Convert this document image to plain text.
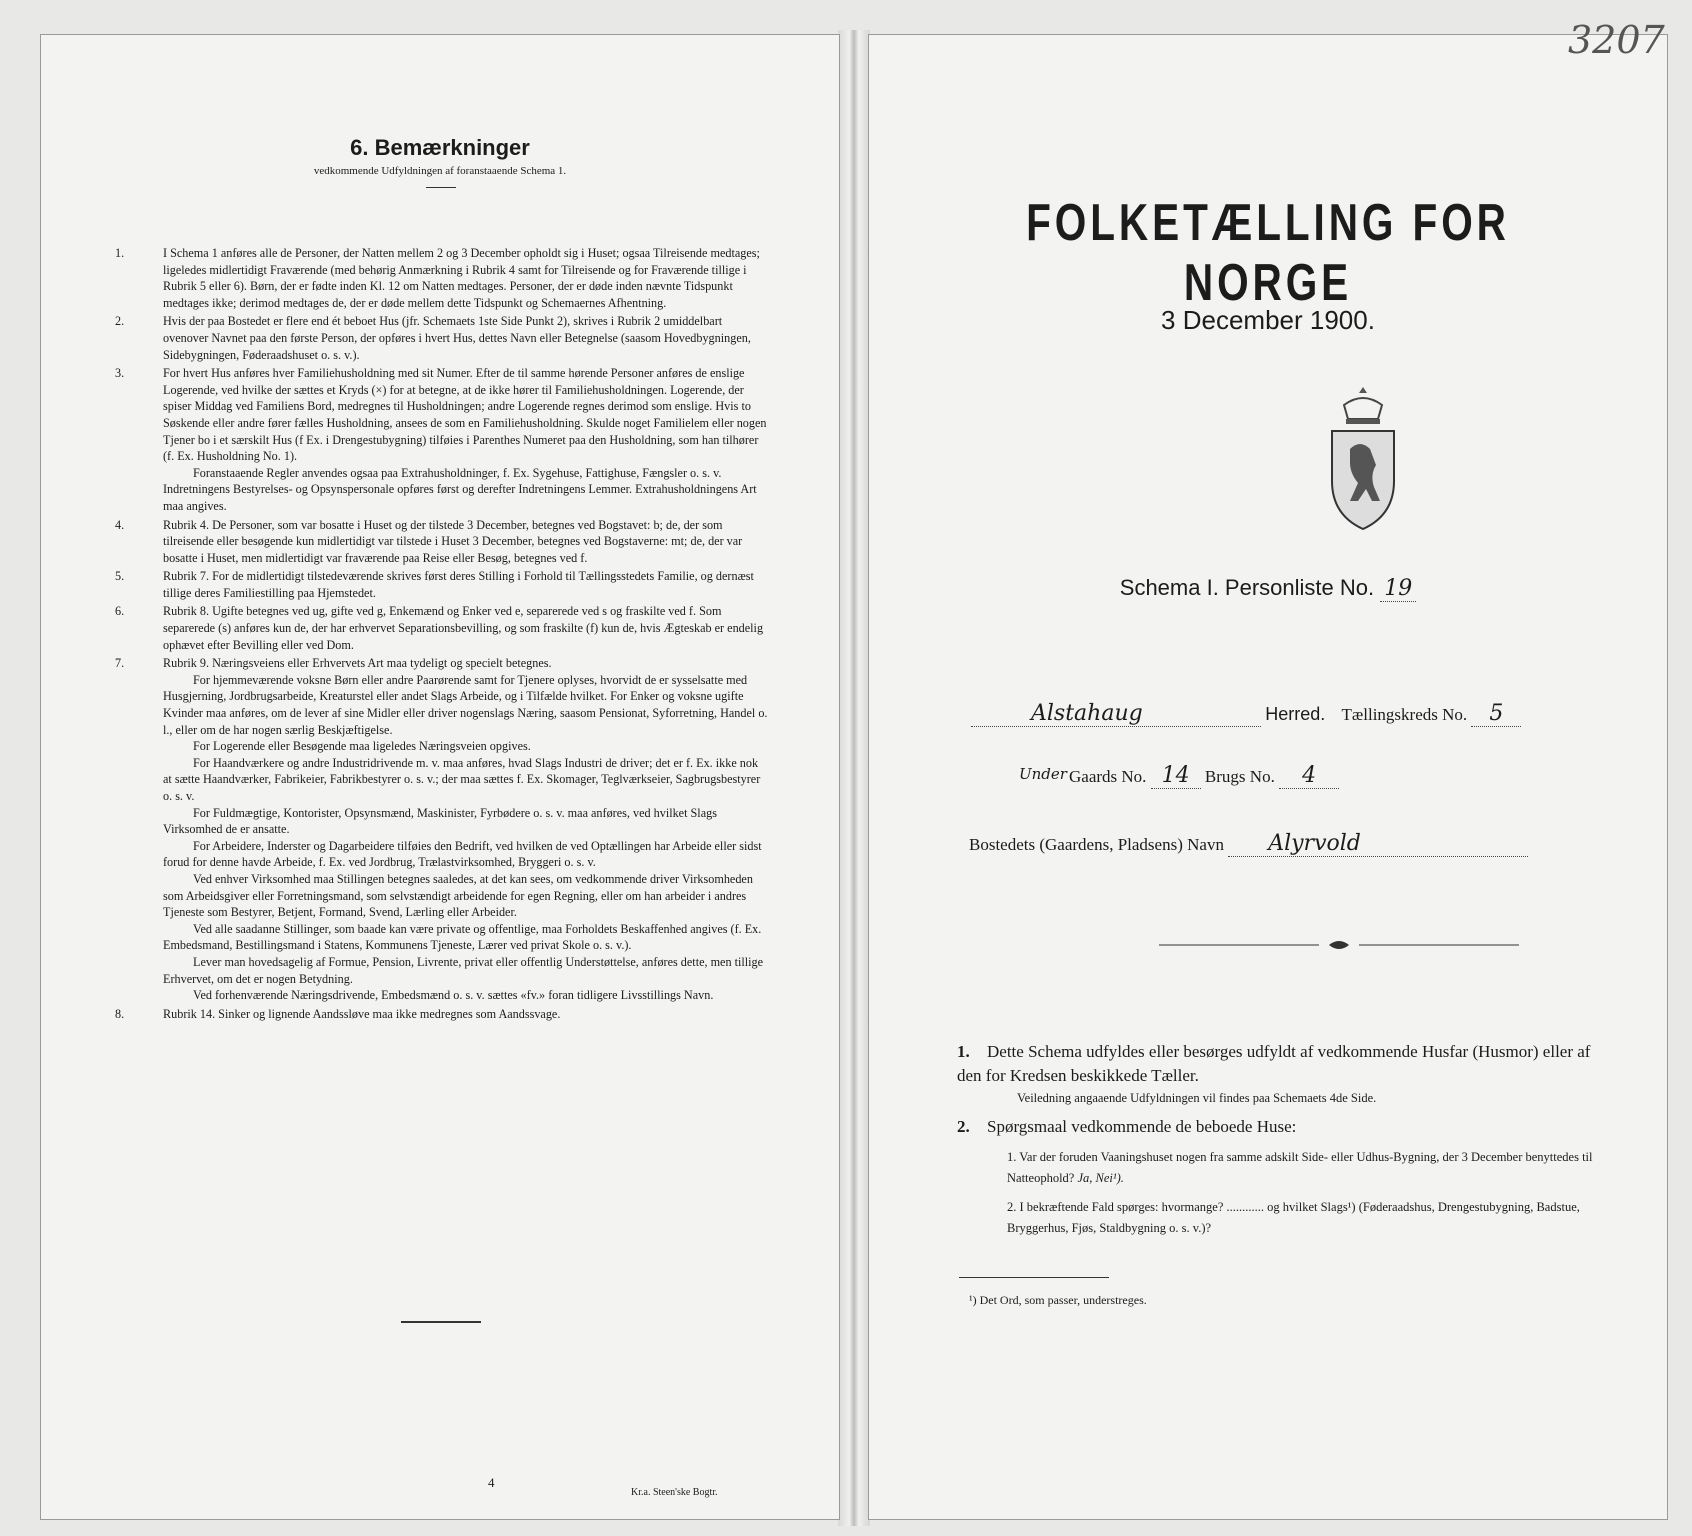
6. Bemærkninger
vedkommende Udfyldningen af foranstaaende Schema 1.
1.	I Schema 1 anføres alle de Personer, der Natten mellem 2 og 3 December opholdt sig i Huset; ogsaa Tilreisende medtages; ligeledes midlertidigt Fraværende (med behørig Anmærkning i Rubrik 4 samt for Tilreisende og for Fraværende tillige i Rubrik 5 eller 6). Børn, der er fødte inden Kl. 12 om Natten medtages. Personer, der er døde inden nævnte Tidspunkt medtages ikke; derimod medtages de, der er døde mellem dette Tidspunkt og Schemaernes Afhentning.
2.	Hvis der paa Bostedet er flere end ét beboet Hus (jfr. Schemaets 1ste Side Punkt 2), skrives i Rubrik 2 umiddelbart ovenover Navnet paa den første Person, der opføres i hvert Hus, dettes Navn eller Betegnelse (saasom Hovedbygningen, Sidebygningen, Føderaadshuset o. s. v.).
3.	For hvert Hus anføres hver Familiehusholdning med sit Numer. Efter de til samme hørende Personer anføres de enslige Logerende, ved hvilke der sættes et Kryds (×) for at betegne, at de ikke hører til Familiehusholdningen. Logerende, der spiser Middag ved Familiens Bord, medregnes til Husholdningen; andre Logerende regnes derimod som enslige. Hvis to Søskende eller andre fører fælles Husholdning, ansees de som en Familiehusholdning. Skulde noget Familielem eller nogen Tjener bo i et særskilt Hus (f Ex. i Drengestubygning) tilføies i Parenthes Numeret paa den Husholdning, som han tilhører (f. Ex. Husholdning No. 1).
Foranstaaende Regler anvendes ogsaa paa Extrahusholdninger, f. Ex. Sygehuse, Fattighuse, Fængsler o. s. v. Indretningens Bestyrelses- og Opsynspersonale opføres først og derefter Indretningens Lemmer. Extrahusholdningens Art maa angives.
4.	Rubrik 4. De Personer, som var bosatte i Huset og der tilstede 3 December, betegnes ved Bogstavet: b; de, der som tilreisende eller besøgende kun midlertidigt var tilstede i Huset 3 December, betegnes ved Bogstaverne: mt; de, der var bosatte i Huset, men midlertidigt var fraværende paa Reise eller Besøg, betegnes ved f.
5.	Rubrik 7. For de midlertidigt tilstedeværende skrives først deres Stilling i Forhold til Tællingsstedets Familie, og dernæst tillige deres Familiestilling paa Hjemstedet.
6.	Rubrik 8. Ugifte betegnes ved ug, gifte ved g, Enkemænd og Enker ved e, separerede ved s og fraskilte ved f. Som separerede (s) anføres kun de, der har erhvervet Separationsbevilling, og som fraskilte (f) kun de, hvis Ægteskab er endelig ophævet efter Bevilling eller ved Dom.
7.	Rubrik 9. Næringsveiens eller Erhvervets Art maa tydeligt og specielt betegnes.
For hjemmeværende voksne Børn eller andre Paarørende samt for Tjenere oplyses, hvorvidt de er sysselsatte med Husgjerning, Jordbrugsarbeide, Kreaturstel eller andet Slags Arbeide, og i Tilfælde hvilket. For Enker og voksne ugifte Kvinder maa anføres, om de lever af sine Midler eller driver nogenslags Næring, saasom Pensionat, Syforretning, Handel o. l., eller om de har nogen særlig Beskjæftigelse.
For Logerende eller Besøgende maa ligeledes Næringsveien opgives.
For Haandværkere og andre Industridrivende m. v. maa anføres, hvad Slags Industri de driver; det er f. Ex. ikke nok at sætte Haandværker, Fabrikeier, Fabrikbestyrer o. s. v.; der maa sættes f. Ex. Skomager, Teglværkseier, Sagbrugsbestyrer o. s. v.
For Fuldmægtige, Kontorister, Opsynsmænd, Maskinister, Fyrbødere o. s. v. maa anføres, ved hvilket Slags Virksomhed de er ansatte.
For Arbeidere, Inderster og Dagarbeidere tilføies den Bedrift, ved hvilken de ved Optællingen har Arbeide eller sidst forud for denne havde Arbeide, f. Ex. ved Jordbrug, Trælastvirksomhed, Bryggeri o. s. v.
Ved enhver Virksomhed maa Stillingen betegnes saaledes, at det kan sees, om vedkommende driver Virksomheden som Arbeidsgiver eller Forretningsmand, som selvstændigt arbeidende for egen Regning, eller om han arbeider i andres Tjeneste som Bestyrer, Betjent, Formand, Svend, Lærling eller Arbeider.
Ved alle saadanne Stillinger, som baade kan være private og offentlige, maa Forholdets Beskaffenhed angives (f. Ex. Embedsmand, Bestillingsmand i Statens, Kommunens Tjeneste, Lærer ved privat Skole o. s. v.).
Lever man hovedsagelig af Formue, Pension, Livrente, privat eller offentlig Understøttelse, anføres dette, men tillige Erhvervet, om det er nogen Betydning.
Ved forhenværende Næringsdrivende, Embedsmænd o. s. v. sættes «fv.» foran tidligere Livsstillings Navn.
8.	Rubrik 14. Sinker og lignende Aandssløve maa ikke medregnes som Aandssvage.
4
Kr.a. Steen'ske Bogtr.
FOLKETÆLLING FOR NORGE
3 December 1900.
Schema I. Personliste No. 19
Alstahaug	Herred. Tællingskreds No. 5
Under Gaards No. 14 Brugs No. 4
Bostedets (Gaardens, Pladsens) Navn Alyrvold
1. Dette Schema udfyldes eller besørges udfyldt af vedkommende Husfar (Husmor) eller af den for Kredsen beskikkede Tæller.
Veiledning angaaende Udfyldningen vil findes paa Schemaets 4de Side.
2. Spørgsmaal vedkommende de beboede Huse:
1. Var der foruden Vaaningshuset nogen fra samme adskilt Side- eller Udhus-Bygning, der 3 December benyttedes til Natteophold? Ja, Nei¹).
2. I bekræftende Fald spørges: hvormange? ............ og hvilket Slags¹) (Føderaadshus, Drengestubygning, Badstue, Bryggerhus, Fjøs, Staldbygning o. s. v.)?
¹) Det Ord, som passer, understreges.
3207
